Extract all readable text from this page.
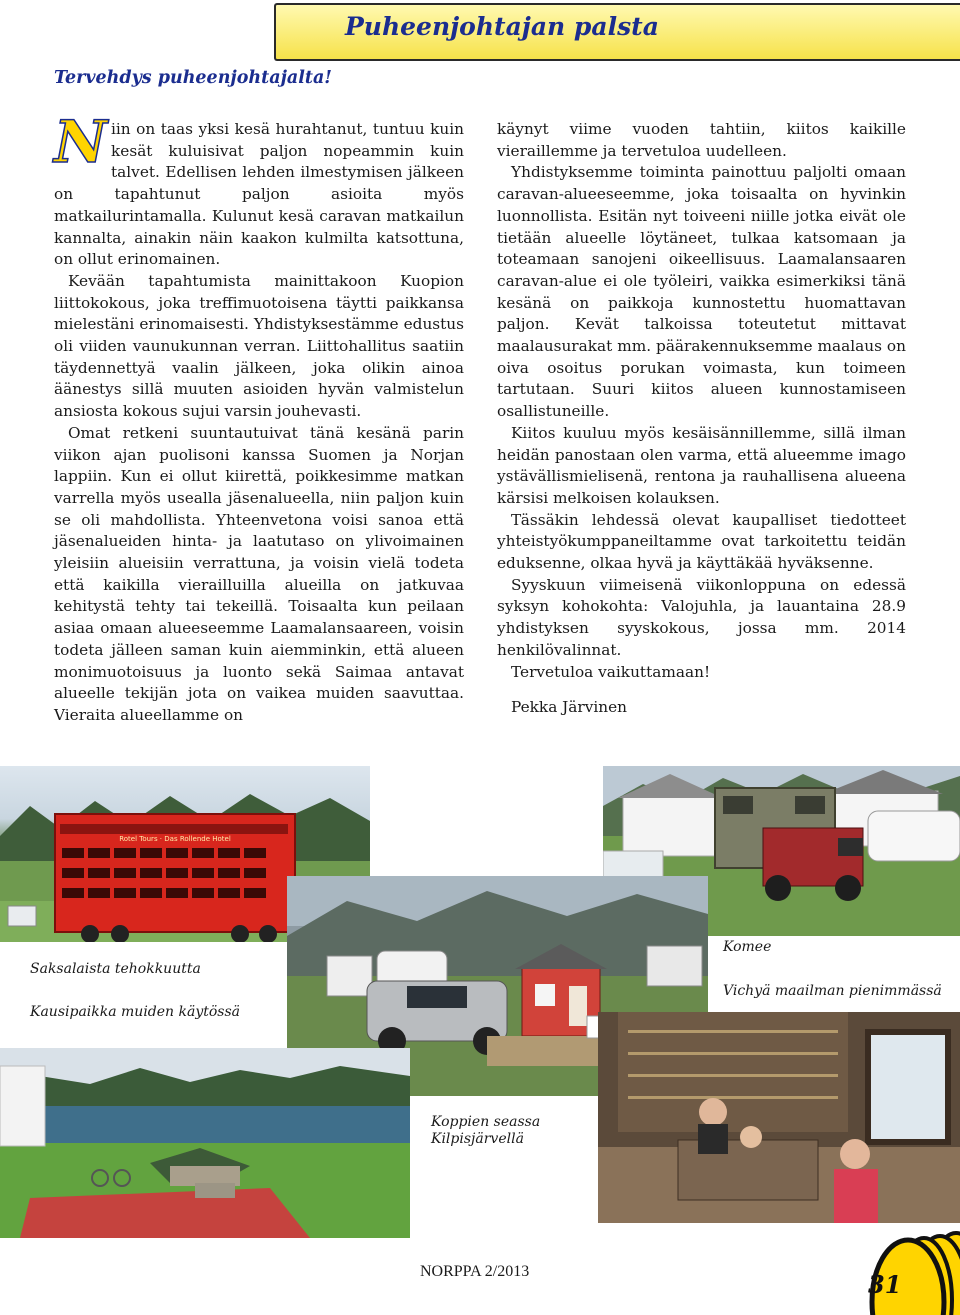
Puheenjohtajan palsta
Tervehdys puheenjohtajalta!

Niin on taas yksi kesä hurahtanut, tuntuu kuin kesät kuluisivat paljon nopeammin kuin talvet. Edellisen lehden ilmestymisen jälkeen on tapahtunut paljon asioita myös matkailurintamalla. Kulunut kesä caravan matkailun kannalta, ainakin näin kaakon kulmilta katsottuna, on ollut erinomainen.

Kevään tapahtumista mainittakoon Kuopion liittokokous, joka treffimuotoisena täytti paikkansa mielestäni erinomaisesti. Yhdistyksestämme edustus oli viiden vaunukunnan verran. Liittohallitus saatiin täydennettyä vaalin jälkeen, joka olikin ainoa äänestys sillä muuten asioiden hyvän valmistelun ansiosta kokous sujui varsin jouhevasti.

Omat retkeni suuntautuivat tänä kesänä parin viikon ajan puolisoni kanssa Suomen ja Norjan lappiin. Kun ei ollut kiirettä, poikkesimme matkan varrella myös usealla jäsenalueella, niin paljon kuin se oli mahdollista. Yhteenvetona voisi sanoa että jäsenalueiden hinta- ja laatutaso on ylivoimainen yleisiin alueisiin verrattuna, ja voisin vielä todeta että kaikilla vierailluilla alueilla on jatkuvaa kehitystä tehty tai tekeillä. Toisaalta kun peilaan asiaa omaan alueeseemme Laamalansaareen, voisin todeta jälleen saman kuin aiemminkin, että alueen monimuotoisuus ja luonto sekä Saimaa antavat alueelle tekijän jota on vaikea muiden saavuttaa. Vieraita alueellamme on

käynyt viime vuoden tahtiin, kiitos kaikille vieraillemme ja tervetuloa uudelleen.

Yhdistyksemme toiminta painottuu paljolti omaan caravan-alueeseemme, joka toisaalta on hyvinkin luonnollista. Esitän nyt toiveeni niille jotka eivät ole tietään alueelle löytäneet, tulkaa katsomaan ja toteamaan sanojeni oikeellisuus. Laamalansaaren caravan-alue ei ole työleiri, vaikka esimerkiksi tänä kesänä on paikkoja kunnostettu huomattavan paljon. Kevät talkoissa toteutetut mittavat maalausurakat mm. päärakennuksemme maalaus on oiva osoitus porukan voimasta, kun toimeen tartutaan. Suuri kiitos alueen kunnostamiseen osallistuneille.

Kiitos kuuluu myös kesäisännillemme, sillä ilman heidän panostaan olen varma, että alueemme imago ystävällismielisenä, rentona ja rauhallisena alueena kärsisi melkoisen kolauksen.

Tässäkin lehdessä olevat kaupalliset tiedotteet yhteistyökumppaneiltamme ovat tarkoitettu teidän eduksenne, olkaa hyvä ja käyttäkää hyväksenne.

Syyskuun viimeisenä viikonloppuna on edessä syksyn kohokohta: Valojuhla, ja lauantaina 28.9 yhdistyksen syyskokous, jossa mm. 2014 henkilövalinnat.

Tervetuloa vaikuttamaan!

Pekka Järvinen

Rotel Tours · Das Rollende Hotel
Saksalaista tehokkuutta
Kausipaikka muiden käytössä
Komee
Vichyä maailman pienimmässä
Koppien seassa
Kilpisjärvellä
NORPPA 2/2013	31
